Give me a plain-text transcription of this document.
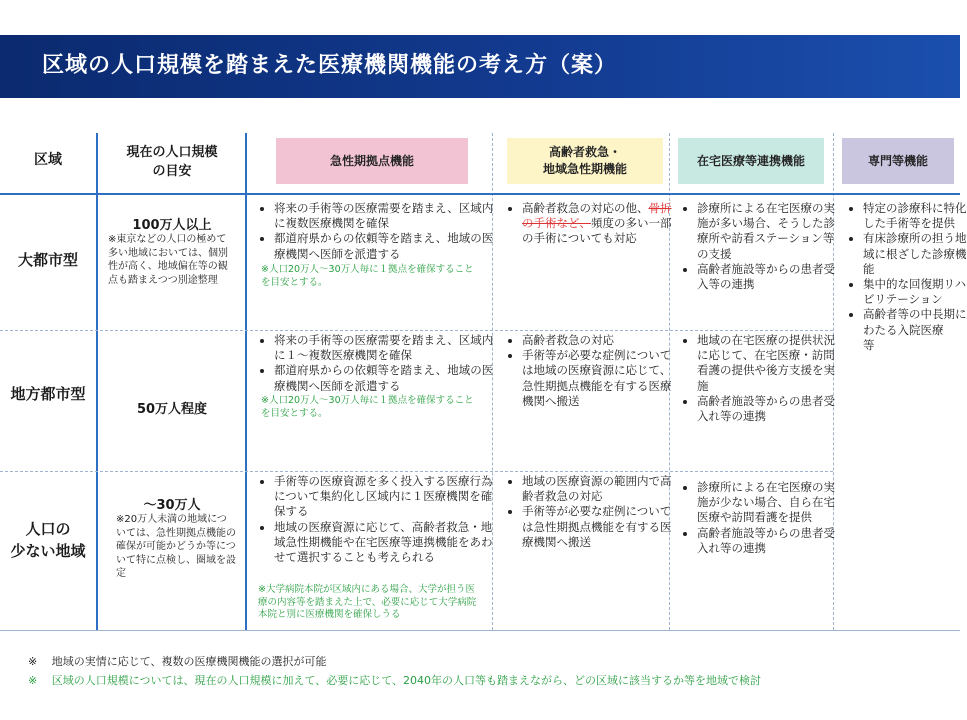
区域の人口規模を踏まえた医療機関機能の考え方（案）
区域	現在の人口規模
の目安
急性期拠点機能
高齢者救急・
地域急性期機能
在宅医療等連携機能	専門等機能
大都市型
100万人以上
※東京などの人口の極めて多い地域においては、個別性が高く、地域偏在等の観点も踏まえつつ別途整理
• 将来の手術等の医療需要を踏まえ、区域内に複数医療機関を確保
• 都道府県からの依頼等を踏まえ、地域の医療機関へ医師を派遣する
※人口20万人～30万人毎に１拠点を確保することを目安とする。
• 高齢者救急の対応の他、骨折の手術など、頻度の多い一部の手術についても対応
• 診療所による在宅医療の実施が多い場合、そうした診療所や訪看ステーション等の支援
• 高齢者施設等からの患者受入等の連携
• 特定の診療科に特化した手術等を提供
• 有床診療所の担う地域に根ざした診療機能
• 集中的な回復期リハビリテーション
• 高齢者等の中長期にわたる入院医療　　等
地方都市型
50万人程度
• 将来の手術等の医療需要を踏まえ、区域内に１～複数医療機関を確保
• 都道府県からの依頼等を踏まえ、地域の医療機関へ医師を派遣する
※人口20万人～30万人毎に１拠点を確保することを目安とする。
• 高齢者救急の対応
• 手術等が必要な症例については地域の医療資源に応じて、急性期拠点機能を有する医療機関へ搬送
• 地域の在宅医療の提供状況に応じて、在宅医療・訪問看護の提供や後方支援を実施
• 高齢者施設等からの患者受入れ等の連携
人口の
少ない地域
～30万人
※20万人未満の地域については、急性期拠点機能の確保が可能かどうか等について特に点検し、圏域を設定
• 手術等の医療資源を多く投入する医療行為について集約化し区域内に１医療機関を確保する
• 地域の医療資源に応じて、高齢者救急・地域急性期機能や在宅医療等連携機能をあわせて選択することも考えられる
※大学病院本院が区域内にある場合、大学が担う医療の内容等を踏まえた上で、必要に応じて大学病院本院と別に医療機関を確保しうる
• 地域の医療資源の範囲内で高齢者救急の対応
• 手術等が必要な症例については急性期拠点機能を有する医療機関へ搬送
• 診療所による在宅医療の実施が少ない場合、自ら在宅医療や訪問看護を提供
• 高齢者施設等からの患者受入れ等の連携
※　 地域の実情に応じて、複数の医療機関機能の選択が可能
※　 区域の人口規模については、現在の人口規模に加えて、必要に応じて、2040年の人口等も踏まえながら、どの区域に該当するか等を地域で検討
